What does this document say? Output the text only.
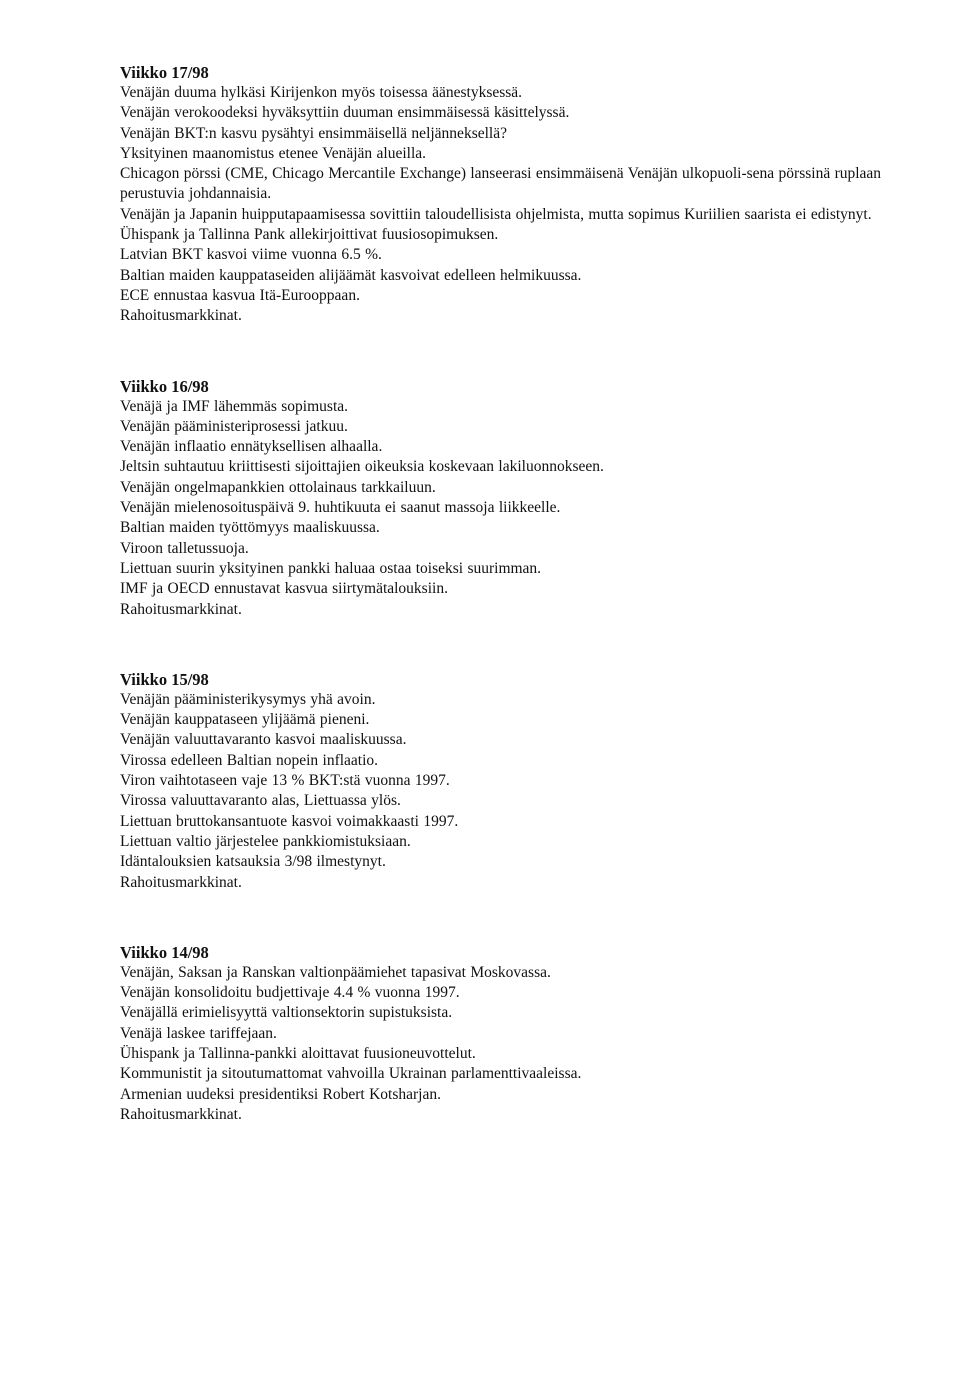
Viikko 17/98
Venäjän duuma hylkäsi Kirijenkon myös toisessa äänestyksessä.
Venäjän verokoodeksi hyväksyttiin duuman ensimmäisessä käsittelyssä.
Venäjän BKT:n kasvu pysähtyi ensimmäisellä neljänneksellä?
Yksityinen maanomistus etenee Venäjän alueilla.
Chicagon pörssi (CME, Chicago Mercantile Exchange) lanseerasi ensimmäisenä Venäjän ulkopuoli-sena pörssinä ruplaan perustuvia johdannaisia.
Venäjän ja Japanin huipputapaamisessa sovittiin taloudellisista ohjelmista, mutta sopimus Kuriilien saarista ei edistynyt.
Ühispank ja Tallinna Pank allekirjoittivat fuusiosopimuksen.
Latvian BKT kasvoi viime vuonna 6.5 %.
Baltian maiden kauppataseiden alijäämät kasvoivat edelleen helmikuussa.
ECE ennustaa kasvua Itä-Eurooppaan.
Rahoitusmarkkinat.
Viikko 16/98
Venäjä ja IMF lähemmäs sopimusta.
Venäjän pääministeriprosessi jatkuu.
Venäjän inflaatio ennätyksellisen alhaalla.
Jeltsin suhtautuu kriittisesti sijoittajien oikeuksia koskevaan lakiluonnokseen.
Venäjän ongelmapankkien ottolainaus tarkkailuun.
Venäjän mielenosoituspäivä 9. huhtikuuta ei saanut massoja liikkeelle.
Baltian maiden työttömyys maaliskuussa.
Viroon talletussuoja.
Liettuan suurin yksityinen pankki haluaa ostaa toiseksi suurimman.
IMF ja OECD ennustavat kasvua siirtymätalouksiin.
Rahoitusmarkkinat.
Viikko 15/98
Venäjän pääministerikysymys yhä avoin.
Venäjän kauppataseen ylijäämä pieneni.
Venäjän valuuttavaranto kasvoi maaliskuussa.
Virossa edelleen Baltian nopein inflaatio.
Viron vaihtotaseen vaje 13 % BKT:stä vuonna 1997.
Virossa valuuttavaranto alas, Liettuassa ylös.
Liettuan bruttokansantuote kasvoi voimakkaasti 1997.
Liettuan valtio järjestelee pankkiomistuksiaan.
Idäntalouksien katsauksia 3/98 ilmestynyt.
Rahoitusmarkkinat.
Viikko 14/98
Venäjän, Saksan ja Ranskan valtionpäämiehet tapasivat Moskovassa.
Venäjän konsolidoitu budjettivaje 4.4 % vuonna 1997.
Venäjällä erimielisyyttä valtionsektorin supistuksista.
Venäjä laskee tariffejaan.
Ühispank ja Tallinna-pankki aloittavat fuusioneuvottelut.
Kommunistit ja sitoutumattomat vahvoilla Ukrainan parlamenttivaaleissa.
Armenian uudeksi presidentiksi Robert Kotsharjan.
Rahoitusmarkkinat.
